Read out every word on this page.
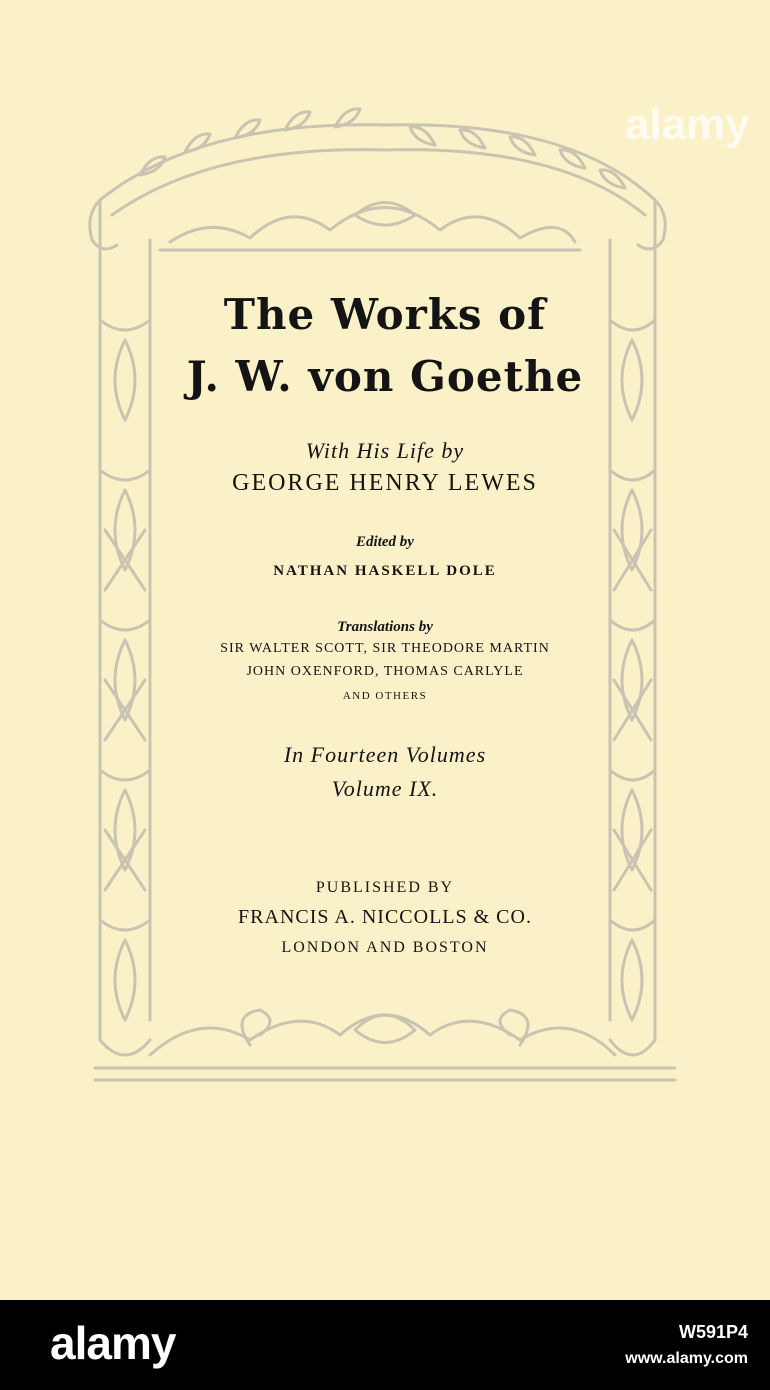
The Works of
J. W. von Goethe
With His Life by
GEORGE HENRY LEWES
Edited by
NATHAN HASKELL DOLE
Translations by
SIR WALTER SCOTT, SIR THEODORE MARTIN
JOHN OXENFORD, THOMAS CARLYLE
AND OTHERS
In Fourteen Volumes
Volume IX.
PUBLISHED BY
FRANCIS A. NICCOLLS & CO.
LONDON AND BOSTON
alamy
alamy	W591P4
www.alamy.com
